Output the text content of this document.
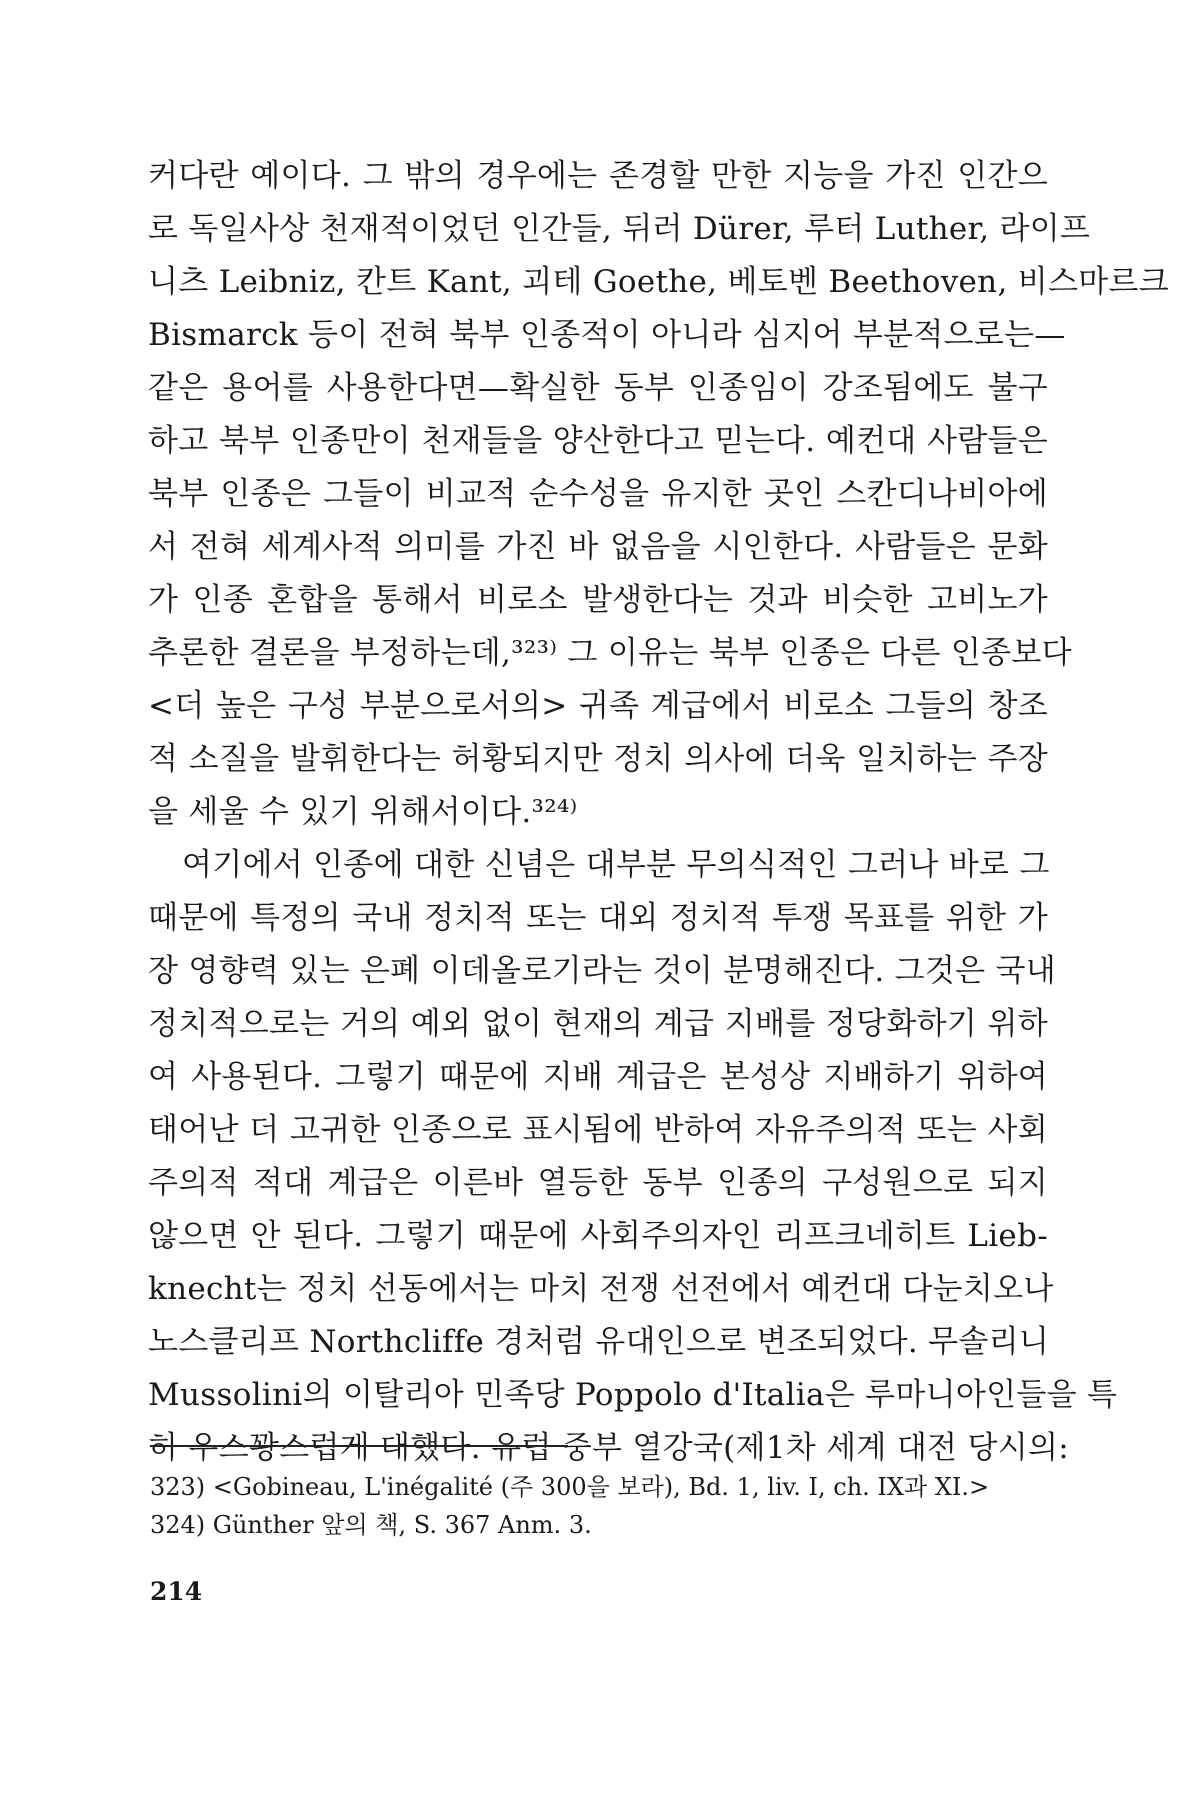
커다란 예이다. 그 밖의 경우에는 존경할 만한 지능을 가진 인간으
로 독일사상 천재적이었던 인간들, 뒤러 Dürer, 루터 Luther, 라이프
니츠 Leibniz, 칸트 Kant, 괴테 Goethe, 베토벤 Beethoven, 비스마르크
Bismarck 등이 전혀 북부 인종적이 아니라 심지어 부분적으로는—
같은 용어를 사용한다면—확실한 동부 인종임이 강조됨에도 불구
하고 북부 인종만이 천재들을 양산한다고 믿는다. 예컨대 사람들은
북부 인종은 그들이 비교적 순수성을 유지한 곳인 스칸디나비아에
서 전혀 세계사적 의미를 가진 바 없음을 시인한다. 사람들은 문화
가 인종 혼합을 통해서 비로소 발생한다는 것과 비슷한 고비노가
추론한 결론을 부정하는데,³²³⁾ 그 이유는 북부 인종은 다른 인종보다
<더 높은 구성 부분으로서의> 귀족 계급에서 비로소 그들의 창조
적 소질을 발휘한다는 허황되지만 정치 의사에 더욱 일치하는 주장
을 세울 수 있기 위해서이다.³²⁴⁾
여기에서 인종에 대한 신념은 대부분 무의식적인 그러나 바로 그
때문에 특정의 국내 정치적 또는 대외 정치적 투쟁 목표를 위한 가
장 영향력 있는 은폐 이데올로기라는 것이 분명해진다. 그것은 국내
정치적으로는 거의 예외 없이 현재의 계급 지배를 정당화하기 위하
여 사용된다. 그렇기 때문에 지배 계급은 본성상 지배하기 위하여
태어난 더 고귀한 인종으로 표시됨에 반하여 자유주의적 또는 사회
주의적 적대 계급은 이른바 열등한 동부 인종의 구성원으로 되지
않으면 안 된다. 그렇기 때문에 사회주의자인 리프크네히트 Lieb-
knecht는 정치 선동에서는 마치 전쟁 선전에서 예컨대 다눈치오나
노스클리프 Northcliffe 경처럼 유대인으로 변조되었다. 무솔리니
Mussolini의 이탈리아 민족당 Poppolo d'Italia은 루마니아인들을 특
히 우스꽝스럽게 대했다. 유럽 중부 열강국(제1차 세계 대전 당시의:
323) <Gobineau, L'inégalité (주 300을 보라), Bd. 1, liv. I, ch. IX과 XI.>
324) Günther 앞의 책, S. 367 Anm. 3.
214
